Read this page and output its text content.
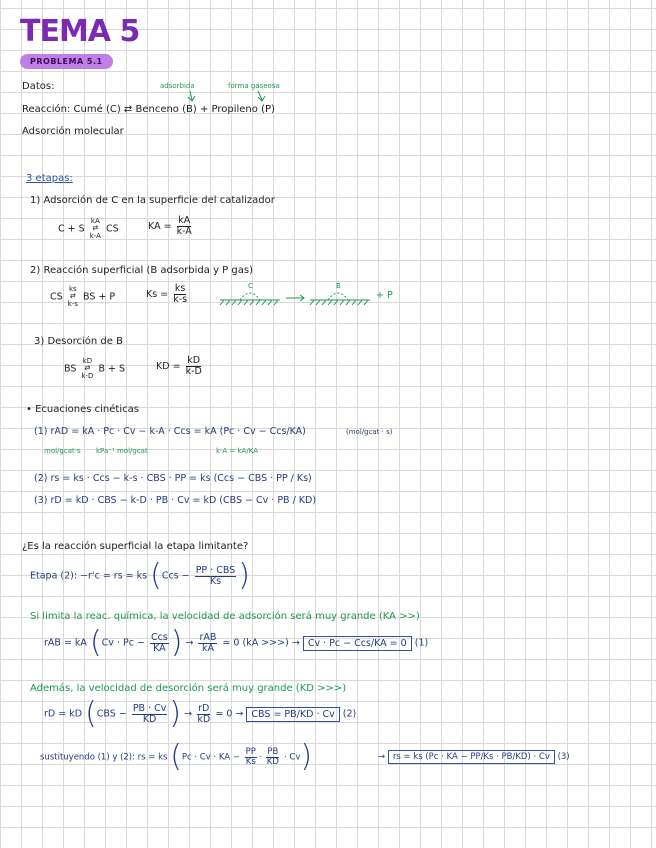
TEMA 5
PROBLEMA 5.1
Datos:	adsorbida	forma gaseosa
Reacción: Cumé (C) ⇄ Benceno (B) + Propileno (P)
Adsorción molecular
3 etapas:
1) Adsorción de C en la superficie del catalizador
C + S
kA
⇄
k-A
CS	KA = $\frac{kA}{k-A}$
2) Reacción superficial (B adsorbida y P gas)
CS
ks
⇄
k-s
BS + P	$Ks = \frac{ks}{k-s}$	C	B
+ P
3) Desorción de B
BS
kD
⇄
k-D
B + S	KD = $\frac{kD}{k-D}$
• Ecuaciones cinéticas
(1) rAD = kA · Pc · Cv − k-A · Ccs = kA (Pc · Cv − Ccs/KA)	(mol/gcat · s)
mol/gcat·s kPa⁻¹ mol/gcat	k-A = kA/KA
(2) rs = ks · Ccs − k-s · CBS · PP = ks (Ccs − CBS · PP / Ks)
(3) rD = kD · CBS − k-D · PB · Cv = kD (CBS − Cv · PB / KD)
¿Es la reacción superficial la etapa limitante?
Etapa (2): −r'c = rs = ks ($Ccs - \frac{\text{PP · CBS}}{Ks}$ )
Si limita la reac. química, la velocidad de adsorción será muy grande (KA >>)
rAB = kA ($Cv \cdot Pc - \frac{\text{Ccs}}{KA}$ ) → $\frac{\text{rAB}}{kA}$ ≃ 0 (kA >>>) → Cv · Pc − Ccs/KA = 0 (1)
Además, la velocidad de desorción será muy grande (KD >>>)
rD = kD ($CBS - \frac{PB \cdot Cv}{KD}$ ) → $\frac{rD}{kD}$ ≃ 0 → CBS = PB/KD · Cv (2)
sustituyendo (1) y (2): rs = ks (Pc · Cv · KA − $\frac{PP}{Ks} \cdot \frac{PB}{KD} \cdot Cv$)	→ rs = ks (Pc · KA − PP/Ks · PB/KD) · Cv (3)
